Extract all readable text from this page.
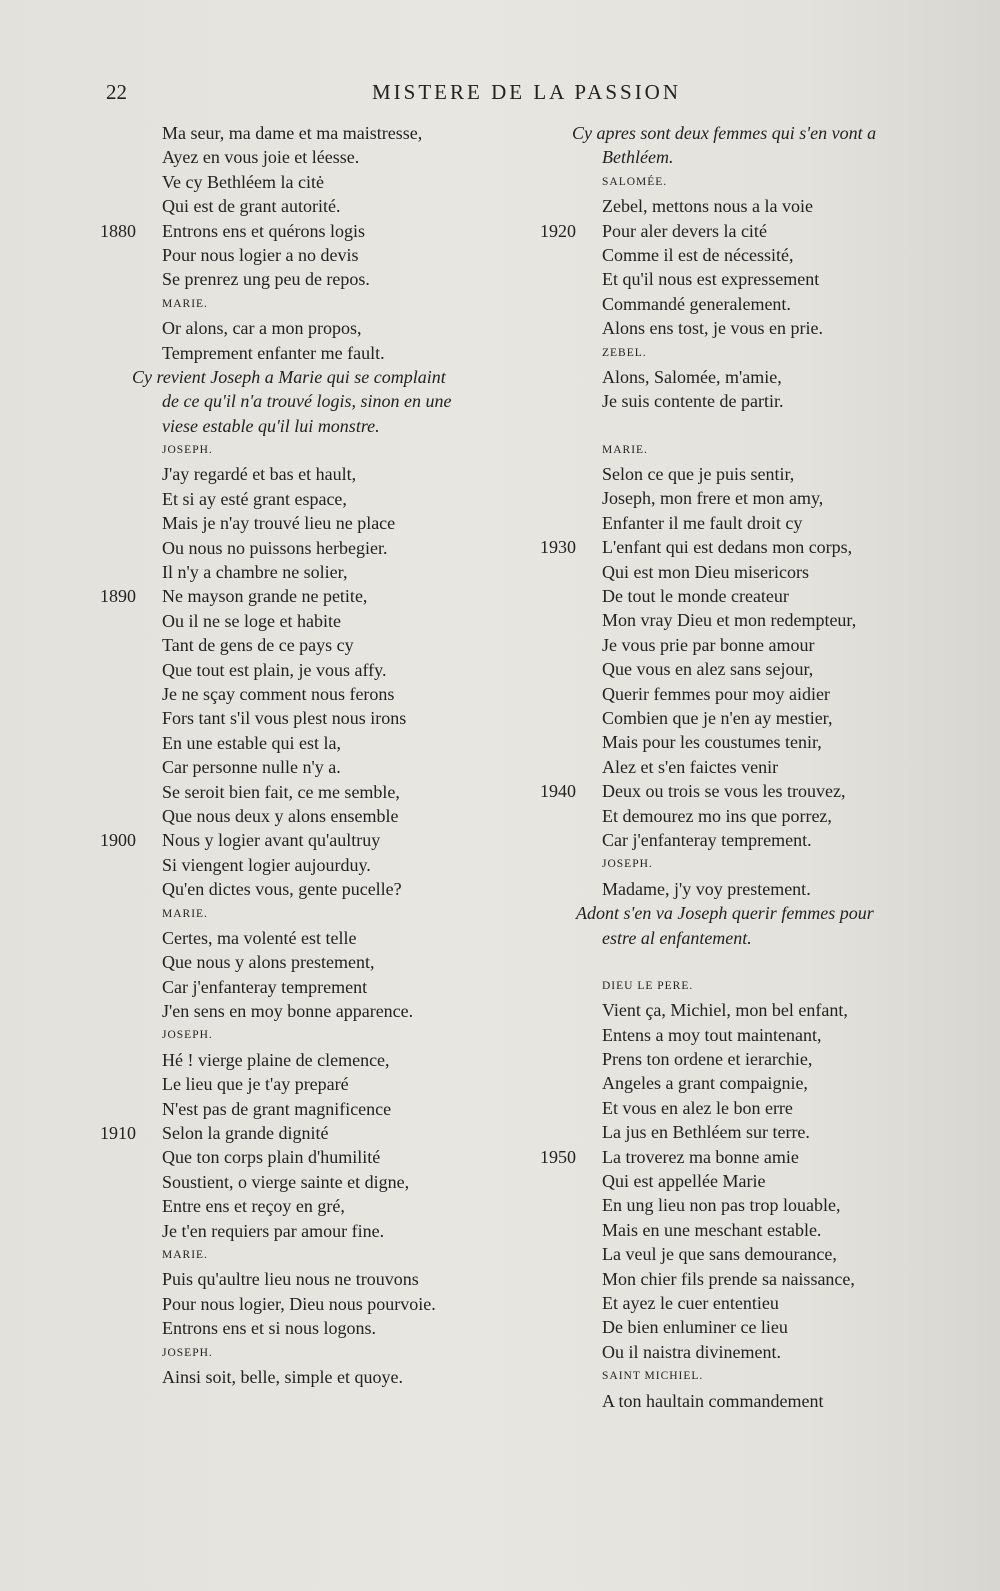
22	MISTERE DE LA PASSION
Ma seur, ma dame et ma maistresse,
Ayez en vous joie et léesse.
Ve cy Bethléem la citė
Qui est de grant autorité.
1880	Entrons ens et quérons logis
Pour nous logier a no devis
Se prenrez ung peu de repos.
MARIE.
Or alons, car a mon propos,
Temprement enfanter me fault.
Cy revient Joseph a Marie qui se complaint
de ce qu'il n'a trouvé logis, sinon en une
viese estable qu'il lui monstre.
JOSEPH.
J'ay regardé et bas et hault,
Et si ay esté grant espace,
Mais je n'ay trouvé lieu ne place
Ou nous no puissons herbegier.
Il n'y a chambre ne solier,
1890	Ne mayson grande ne petite,
Ou il ne se loge et habite
Tant de gens de ce pays cy
Que tout est plain, je vous affy.
Je ne sçay comment nous ferons
Fors tant s'il vous plest nous irons
En une estable qui est la,
Car personne nulle n'y a.
Se seroit bien fait, ce me semble,
Que nous deux y alons ensemble
1900	Nous y logier avant qu'aultruy
Si viengent logier aujourduy.
Qu'en dictes vous, gente pucelle?
MARIE.
Certes, ma volenté est telle
Que nous y alons prestement,
Car j'enfanteray temprement
J'en sens en moy bonne apparence.
JOSEPH.
Hé ! vierge plaine de clemence,
Le lieu que je t'ay preparé
N'est pas de grant magnificence
1910	Selon la grande dignité
Que ton corps plain d'humilité
Soustient, o vierge sainte et digne,
Entre ens et reçoy en gré,
Je t'en requiers par amour fine.
MARIE.
Puis qu'aultre lieu nous ne trouvons
Pour nous logier, Dieu nous pourvoie.
Entrons ens et si nous logons.
JOSEPH.
Ainsi soit, belle, simple et quoye.
Cy apres sont deux femmes qui s'en vont a
Bethléem.
SALOMÉE.
Zebel, mettons nous a la voie
1920	Pour aler devers la cité
Comme il est de nécessité,
Et qu'il nous est expressement
Commandé generalement.
Alons ens tost, je vous en prie.
ZEBEL.
Alons, Salomée, m'amie,
Je suis contente de partir.
MARIE.
Selon ce que je puis sentir,
Joseph, mon frere et mon amy,
Enfanter il me fault droit cy
1930	L'enfant qui est dedans mon corps,
Qui est mon Dieu misericors
De tout le monde createur
Mon vray Dieu et mon redempteur,
Je vous prie par bonne amour
Que vous en alez sans sejour,
Querir femmes pour moy aidier
Combien que je n'en ay mestier,
Mais pour les coustumes tenir,
Alez et s'en faictes venir
1940	Deux ou trois se vous les trouvez,
Et demourez mo ins que porrez,
Car j'enfanteray temprement.
JOSEPH.
Madame, j'y voy prestement.
Adont s'en va Joseph querir femmes pour
estre al enfantement.
DIEU LE PERE.
Vient ça, Michiel, mon bel enfant,
Entens a moy tout maintenant,
Prens ton ordene et ierarchie,
Angeles a grant compaignie,
Et vous en alez le bon erre
La jus en Bethléem sur terre.
1950	La troverez ma bonne amie
Qui est appellée Marie
En ung lieu non pas trop louable,
Mais en une meschant estable.
La veul je que sans demourance,
Mon chier fils prende sa naissance,
Et ayez le cuer ententieu
De bien enluminer ce lieu
Ou il naistra divinement.
SAINT MICHIEL.
A ton haultain commandement
